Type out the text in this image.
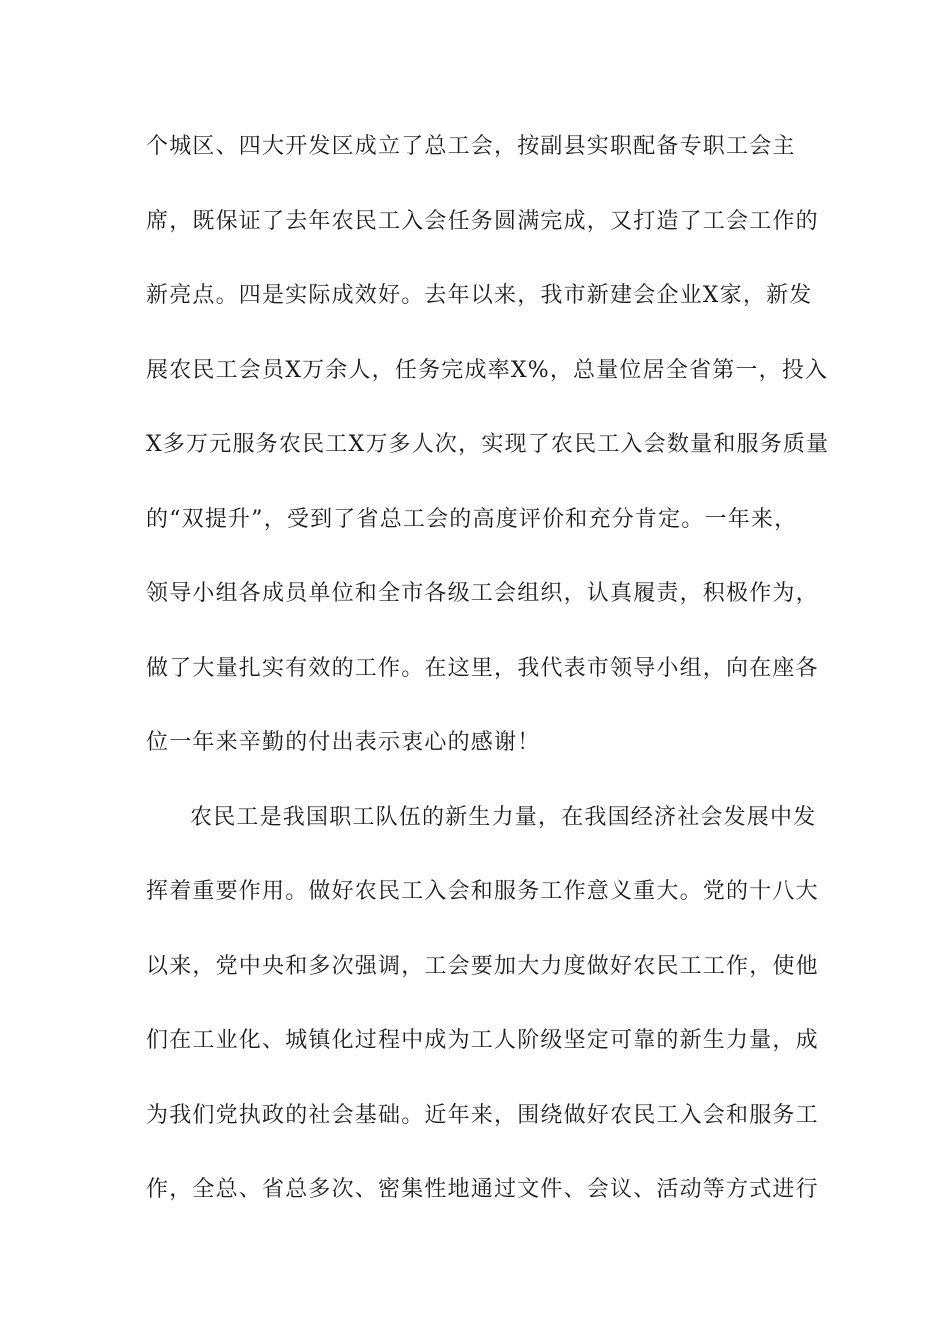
个城区、四大开发区成立了总工会，按副县实职配备专职工会主
席，既保证了去年农民工入会任务圆满完成，又打造了工会工作的
新亮点。四是实际成效好。去年以来，我市新建会企业X家，新发
展农民工会员X万余人，任务完成率X%，总量位居全省第一，投入
X多万元服务农民工X万多人次，实现了农民工入会数量和服务质量
的“双提升”，受到了省总工会的高度评价和充分肯定。一年来，
领导小组各成员单位和全市各级工会组织，认真履责，积极作为，
做了大量扎实有效的工作。在这里，我代表市领导小组，向在座各
位一年来辛勤的付出表示衷心的感谢！
农民工是我国职工队伍的新生力量，在我国经济社会发展中发
挥着重要作用。做好农民工入会和服务工作意义重大。党的十八大
以来，党中央和多次强调，工会要加大力度做好农民工工作，使他
们在工业化、城镇化过程中成为工人阶级坚定可靠的新生力量，成
为我们党执政的社会基础。近年来，围绕做好农民工入会和服务工
作，全总、省总多次、密集性地通过文件、会议、活动等方式进行
